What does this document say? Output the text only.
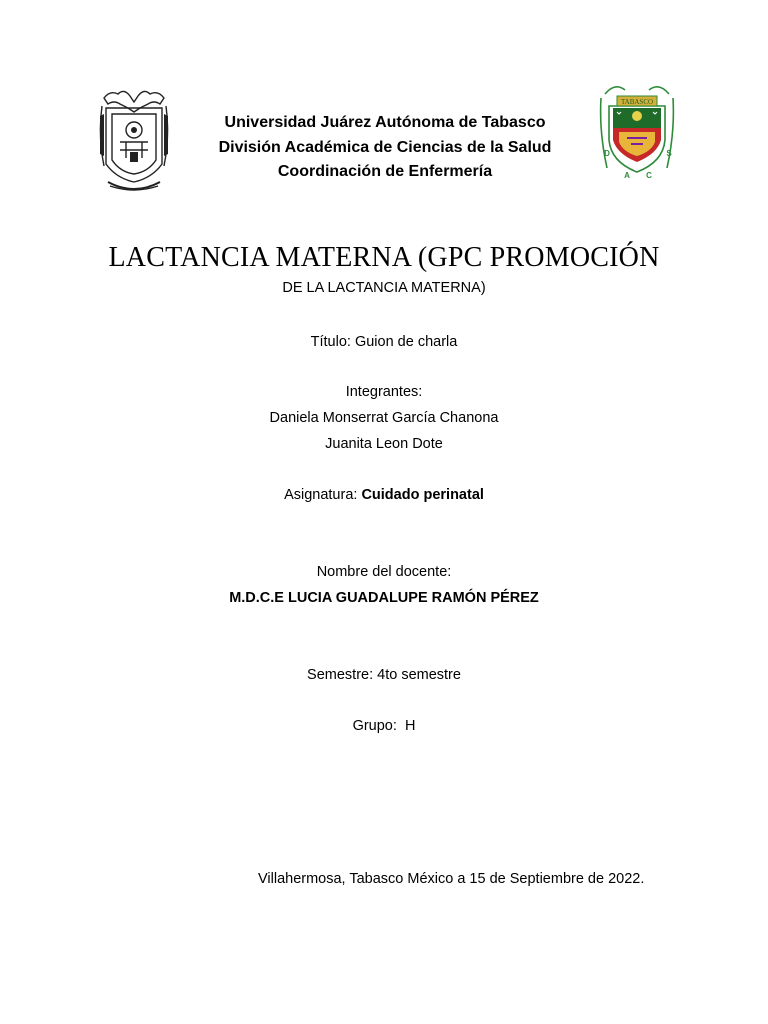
Universidad Juárez Autónoma de Tabasco
División Académica de Ciencias de la Salud
Coordinación de Enfermería
TABASCO
D
A C
S
LACTANCIA MATERNA (GPC PROMOCIÓN
DE LA LACTANCIA MATERNA)
Título: Guion de charla
Integrantes:
Daniela Monserrat García Chanona
Juanita Leon Dote
Asignatura: Cuidado perinatal
Nombre del docente:
M.D.C.E LUCIA GUADALUPE RAMÓN PÉREZ
Semestre: 4to semestre
Grupo:  H
Villahermosa, Tabasco México a 15 de Septiembre de 2022.
